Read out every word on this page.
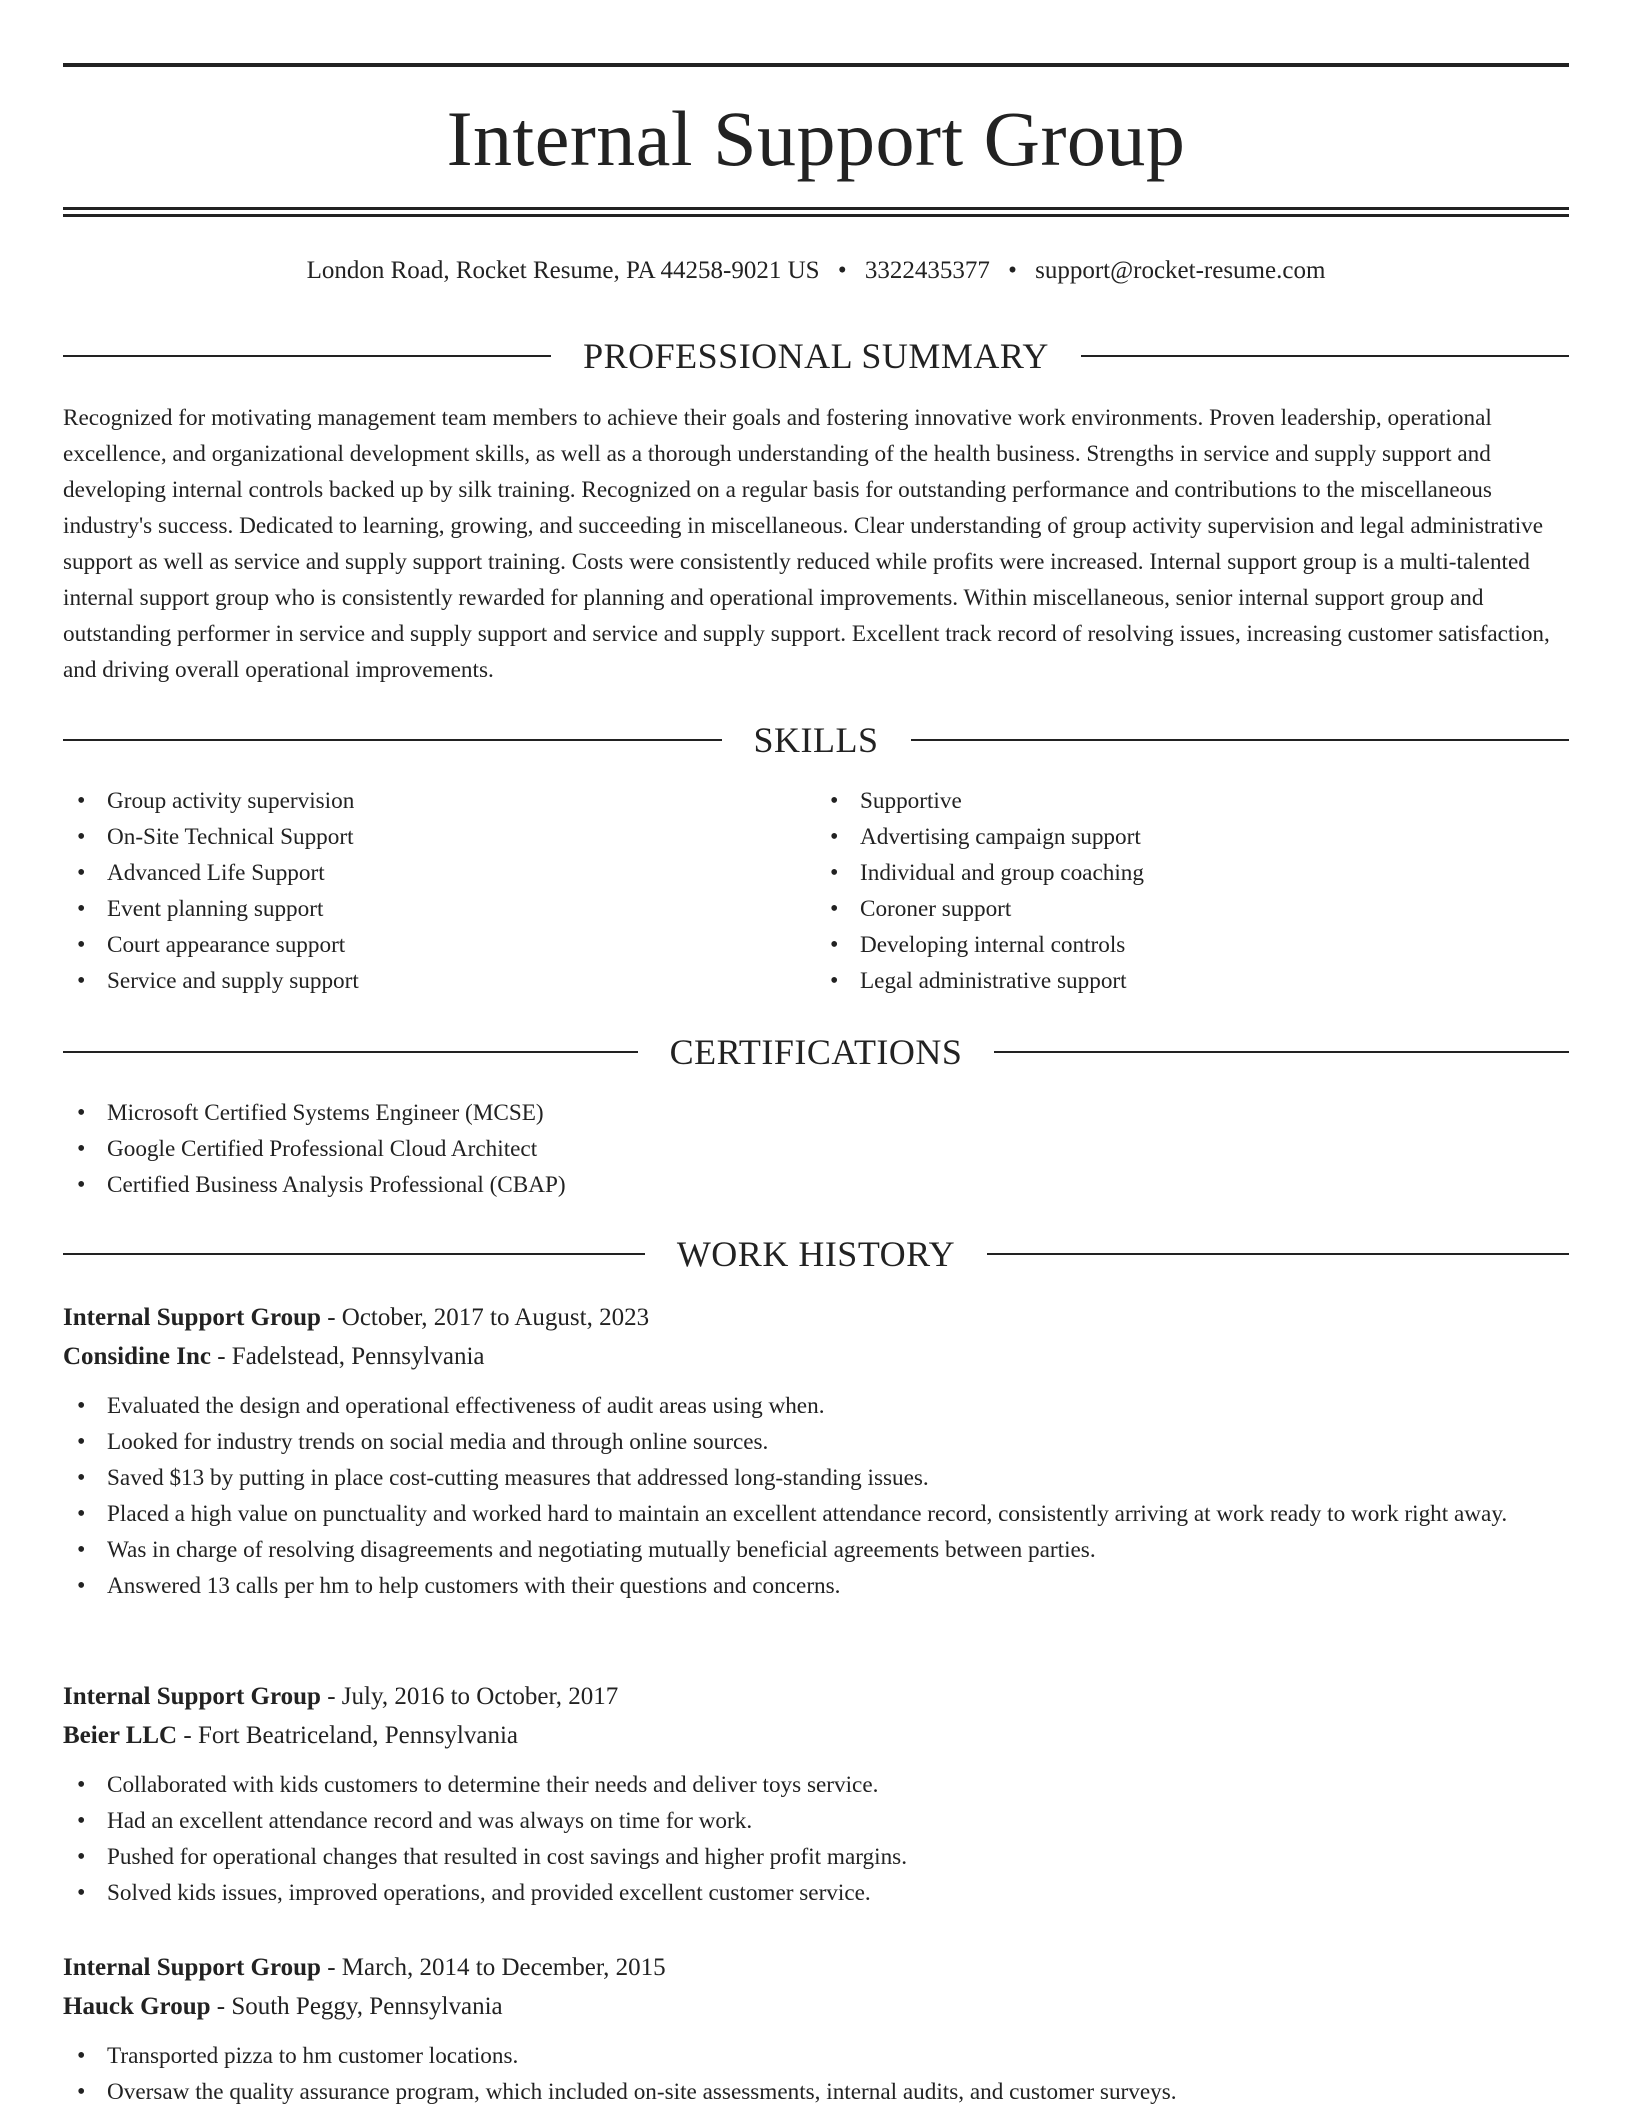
Internal Support Group
London Road, Rocket Resume, PA 44258-9021 US • 3322435377 • support@rocket-resume.com
PROFESSIONAL SUMMARY

Recognized for motivating management team members to achieve their goals and fostering innovative work environments. Proven leadership, operational excellence, and organizational development skills, as well as a thorough understanding of the health business. Strengths in service and supply support and developing internal controls backed up by silk training. Recognized on a regular basis for outstanding performance and contributions to the miscellaneous industry's success. Dedicated to learning, growing, and succeeding in miscellaneous. Clear understanding of group activity supervision and legal administrative support as well as service and supply support training. Costs were consistently reduced while profits were increased. Internal support group is a multi-talented internal support group who is consistently rewarded for planning and operational improvements. Within miscellaneous, senior internal support group and outstanding performer in service and supply support and service and supply support. Excellent track record of resolving issues, increasing customer satisfaction, and driving overall operational improvements.

SKILLS
• Group activity supervision
• On-Site Technical Support
• Advanced Life Support
• Event planning support
• Court appearance support
• Service and supply support
• Supportive
• Advertising campaign support
• Individual and group coaching
• Coroner support
• Developing internal controls
• Legal administrative support
CERTIFICATIONS
• Microsoft Certified Systems Engineer (MCSE)
• Google Certified Professional Cloud Architect
• Certified Business Analysis Professional (CBAP)
WORK HISTORY
Internal Support Group - October, 2017 to August, 2023
Considine Inc - Fadelstead, Pennsylvania
• Evaluated the design and operational effectiveness of audit areas using when.
• Looked for industry trends on social media and through online sources.
• Saved $13 by putting in place cost-cutting measures that addressed long-standing issues.
• Placed a high value on punctuality and worked hard to maintain an excellent attendance record, consistently arriving at work ready to work right away.
• Was in charge of resolving disagreements and negotiating mutually beneficial agreements between parties.
• Answered 13 calls per hm to help customers with their questions and concerns.
Internal Support Group - July, 2016 to October, 2017
Beier LLC - Fort Beatriceland, Pennsylvania
• Collaborated with kids customers to determine their needs and deliver toys service.
• Had an excellent attendance record and was always on time for work.
• Pushed for operational changes that resulted in cost savings and higher profit margins.
• Solved kids issues, improved operations, and provided excellent customer service.
Internal Support Group - March, 2014 to December, 2015
Hauck Group - South Peggy, Pennsylvania
• Transported pizza to hm customer locations.
• Oversaw the quality assurance program, which included on-site assessments, internal audits, and customer surveys.
